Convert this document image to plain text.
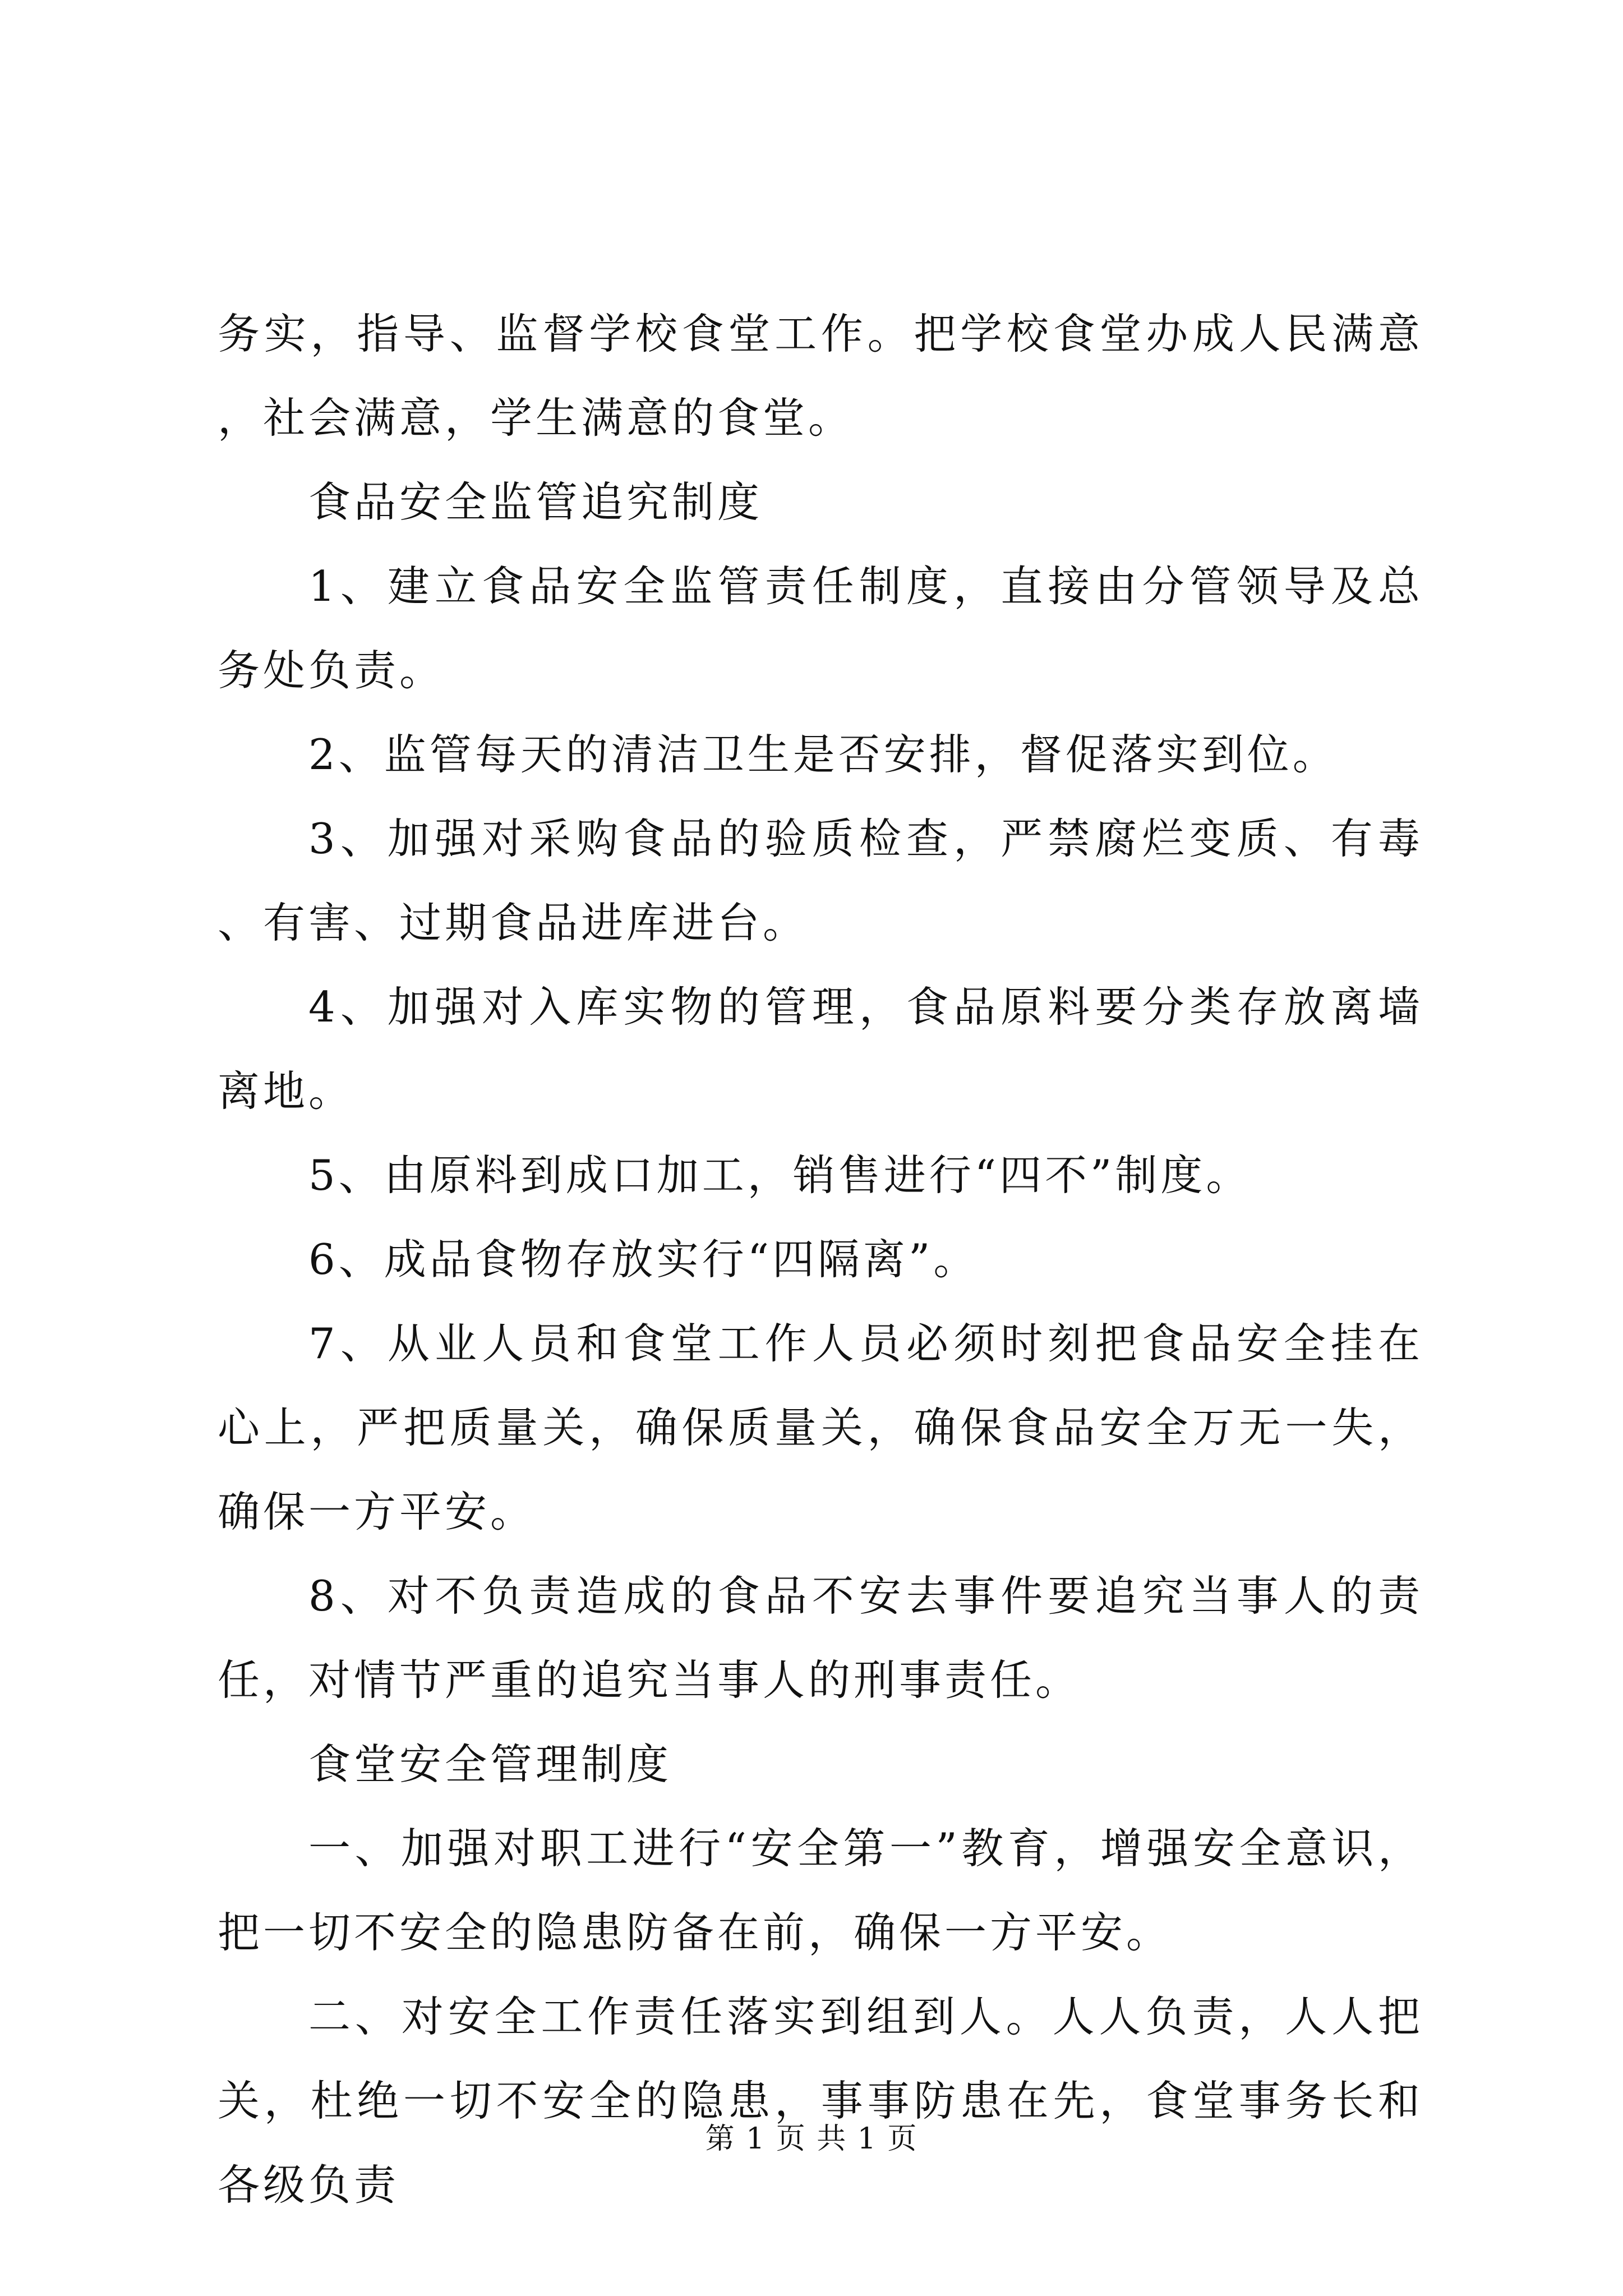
务实，指导、监督学校食堂工作。把学校食堂办成人民满意，社会满意，学生满意的食堂。

食品安全监管追究制度

1、建立食品安全监管责任制度，直接由分管领导及总务处负责。

2、监管每天的清洁卫生是否安排，督促落实到位。

3、加强对采购食品的验质检查，严禁腐烂变质、有毒、有害、过期食品进库进台。

4、加强对入库实物的管理，食品原料要分类存放离墙离地。

5、由原料到成口加工，销售进行“四不”制度。

6、成品食物存放实行“四隔离”。

7、从业人员和食堂工作人员必须时刻把食品安全挂在心上，严把质量关，确保质量关，确保食品安全万无一失，确保一方平安。

8、对不负责造成的食品不安去事件要追究当事人的责任，对情节严重的追究当事人的刑事责任。

食堂安全管理制度

一、加强对职工进行“安全第一”教育，增强安全意识，把一切不安全的隐患防备在前，确保一方平安。

二、对安全工作责任落实到组到人。人人负责，人人把关，杜绝一切不安全的隐患，事事防患在先，食堂事务长和各级负责

第 1 页 共 1 页
